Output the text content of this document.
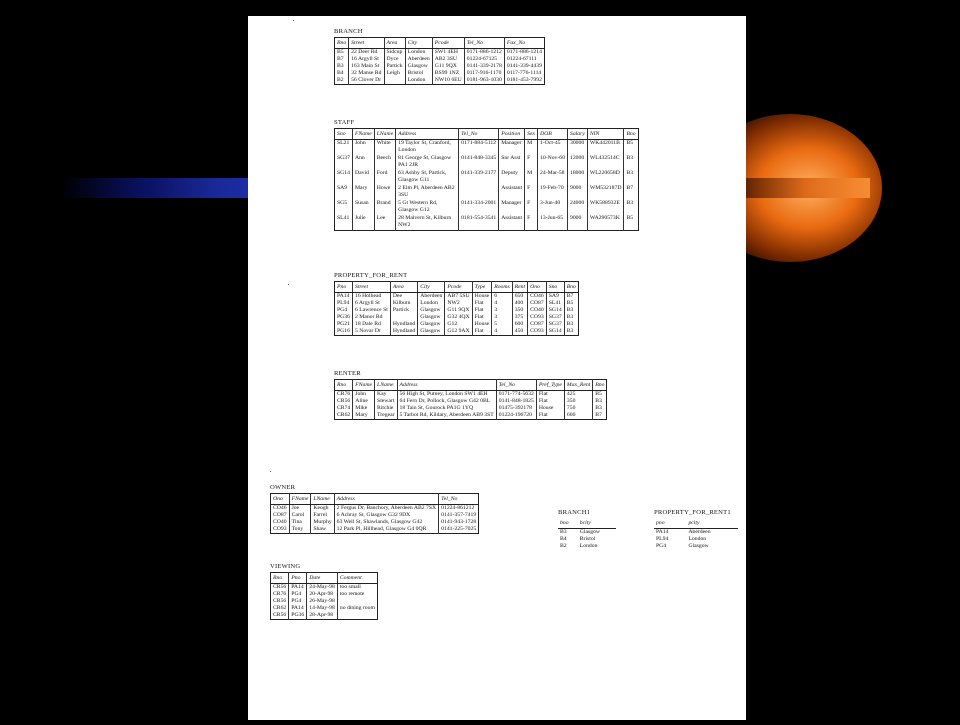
BRANCH
Bno	Street	Area	City	Pcode	Tel_No	Fax_No
B5	22 Deer Rd	Sidcup	London	SW1 4EH	0171-886-1212	0171-886-1214
B7	16 Argyll St	Dyce	Aberdeen	AB2 3SU	01224-67125	01224-67111
B3	163 Main St	Partick	Glasgow	G11 9QX	0141-339-2178	0141-339-4439
B4	32 Manse Rd	Leigh	Bristol	BS99 1NZ	0117-916-1170	0117-776-1114
B2	56 Clover Dr		London	NW10 6EU	0181-963-1030	0181-453-7992
STAFF
Sno	FName	LName	Address	Tel_No	Position	Sex	DOB	Salary	NIN	Bno
SL21	John	White	19 Taylor St, Cranford, London	0171-884-5112	Manager	M	1-Oct-45	30000	WK442011B	B5
SG37	Ann	Beech	81 George St, Glasgow PA1 2JR	0141-848-3345	Snr Asst	F	10-Nov-60	12000	WL432514C	B3
SG14	David	Ford	63 Ashby St, Partick, Glasgow G11	0141-339-2177	Deputy	M	24-Mar-58	18000	WL220658D	B3
SA9	Mary	Howe	2 Elm Pl, Aberdeen AB2 3SU		Assistant	F	19-Feb-70	9000	WM532187D	B7
SG5	Susan	Brand	5 Gt Western Rd, Glasgow G12	0141-334-2001	Manager	F	3-Jun-40	24000	WK588932E	B3
SL41	Julie	Lee	28 Malvern St, Kilburn NW2	0181-554-3541	Assistant	F	13-Jun-65	9000	WA290573K	B5
PROPERTY_FOR_RENT
Pno	Street	Area	City	Pcode	Type	Rooms	Rent	Ono	Sno	Bno
PA14	16 Holhead	Dee	Aberdeen	AB7 5SU	House	6	650	CO46	SA9	B7
PL94	6 Argyll St	Kilburn	London	NW2	Flat	4	400	CO87	SL41	B5
PG4	6 Lawrence St	Partick	Glasgow	G11 9QX	Flat	3	350	CO40	SG14	B3
PG36	2 Manor Rd		Glasgow	G32 4QX	Flat	3	375	CO93	SG37	B3
PG21	18 Dale Rd	Hyndland	Glasgow	G12	House	5	600	CO87	SG37	B3
PG16	5 Novar Dr	Hyndland	Glasgow	G12 9AX	Flat	4	450	CO93	SG14	B3
RENTER
Rno	FName	LName	Address	Tel_No	Pref_Type	Max_Rent	Bno
CR76	John	Kay	56 High St, Putney, London SW1 4EH	0171-774-5632	Flat	425	B5
CR56	Aline	Stewart	64 Fern Dr, Pollock, Glasgow G42 0BL	0141-848-1825	Flat	350	B3
CR74	Mike	Ritchie	18 Tain St, Gourock PA1G 1YQ	01475-392178	House	750	B3
CR62	Mary	Tregear	5 Tarbot Rd, Kildary, Aberdeen AB9 3ST	01224-196720	Flat	600	B7
OWNER
Ono	FName	LName	Address	Tel_No
CO46	Joe	Keogh	2 Fergus Dr, Banchory, Aberdeen AB2 7SX	01224-861212
CO87	Carol	Farrel	6 Achray St, Glasgow G32 9DX	0141-357-7419
CO40	Tina	Murphy	63 Well St, Shawlands, Glasgow G42	0141-943-1728
CO93	Tony	Shaw	12 Park Pl, Hillhead, Glasgow G4 0QR	0141-225-7025
VIEWING
Rno	Pno	Date	Comment
CR56	PA14	24-May-98	too small
CR76	PG4	20-Apr-98	too remote
CR56	PG4	26-May-98	
CR62	PA14	14-May-98	no dining room
CR56	PG36	28-Apr-98	
BRANCH1
bno	bcity
B3	Glasgow
B4	Bristol
B2	London
PROPERTY_FOR_RENT1
pno	pcity
PA14	Aberdeen
PL94	London
PG4	Glasgow
